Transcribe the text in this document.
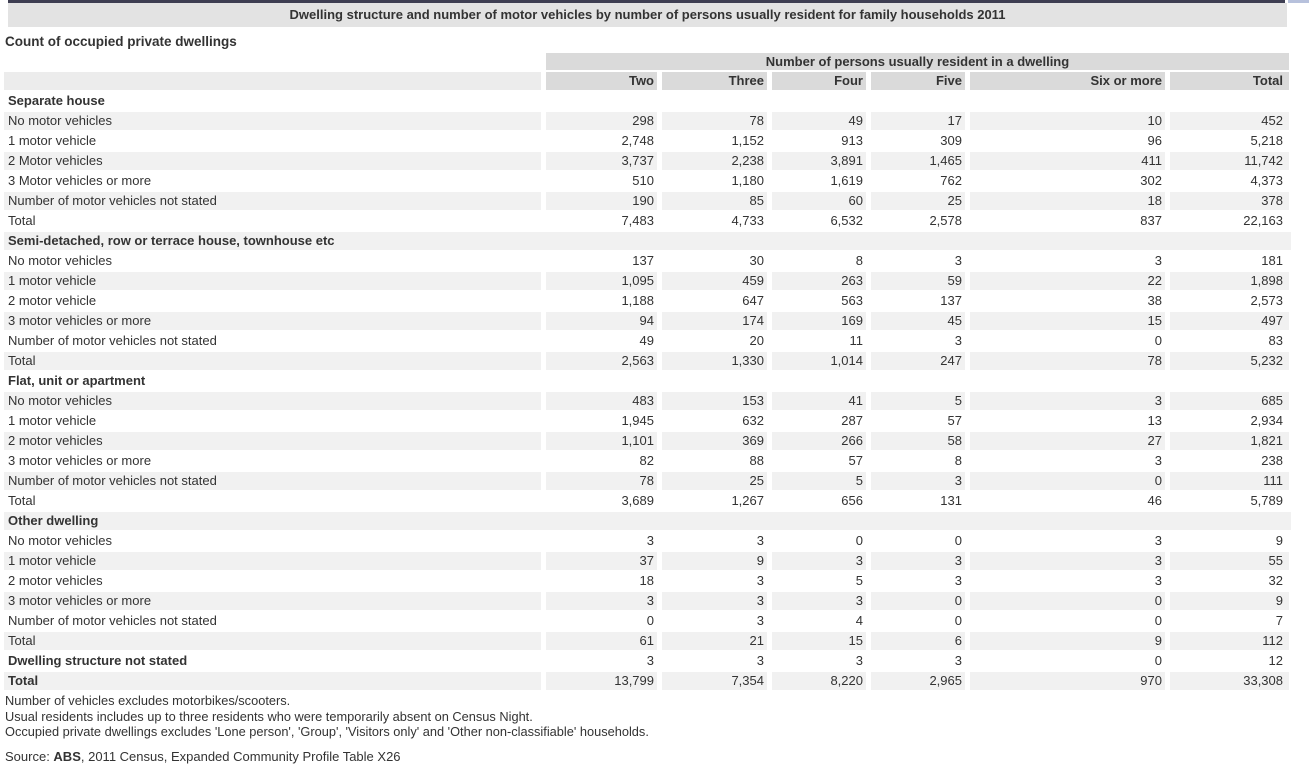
Dwelling structure and number of motor vehicles by number of persons usually resident for family households 2011
Count of occupied private dwellings
Number of persons usually resident in a dwelling
Two	Three	Four	Five	Six or more	Total
Separate house
No motor vehicles	298	78	49	17	10	452
1 motor vehicle	2,748	1,152	913	309	96	5,218
2 Motor vehicles	3,737	2,238	3,891	1,465	411	11,742
3 Motor vehicles or more	510	1,180	1,619	762	302	4,373
Number of motor vehicles not stated	190	85	60	25	18	378
Total	7,483	4,733	6,532	2,578	837	22,163
Semi-detached, row or terrace house, townhouse etc
No motor vehicles	137	30	8	3	3	181
1 motor vehicle	1,095	459	263	59	22	1,898
2 motor vehicle	1,188	647	563	137	38	2,573
3 motor vehicles or more	94	174	169	45	15	497
Number of motor vehicles not stated	49	20	11	3	0	83
Total	2,563	1,330	1,014	247	78	5,232
Flat, unit or apartment
No motor vehicles	483	153	41	5	3	685
1 motor vehicle	1,945	632	287	57	13	2,934
2 motor vehicles	1,101	369	266	58	27	1,821
3 motor vehicles or more	82	88	57	8	3	238
Number of motor vehicles not stated	78	25	5	3	0	111
Total	3,689	1,267	656	131	46	5,789
Other dwelling
No motor vehicles	3	3	0	0	3	9
1 motor vehicle	37	9	3	3	3	55
2 motor vehicles	18	3	5	3	3	32
3 motor vehicles or more	3	3	3	0	0	9
Number of motor vehicles not stated	0	3	4	0	0	7
Total	61	21	15	6	9	112
Dwelling structure not stated	3	3	3	3	0	12
Total	13,799	7,354	8,220	2,965	970	33,308
Number of vehicles excludes motorbikes/scooters.
Usual residents includes up to three residents who were temporarily absent on Census Night.
Occupied private dwellings excludes 'Lone person', 'Group', 'Visitors only' and 'Other non-classifiable' households.
Source: ABS, 2011 Census, Expanded Community Profile Table X26
